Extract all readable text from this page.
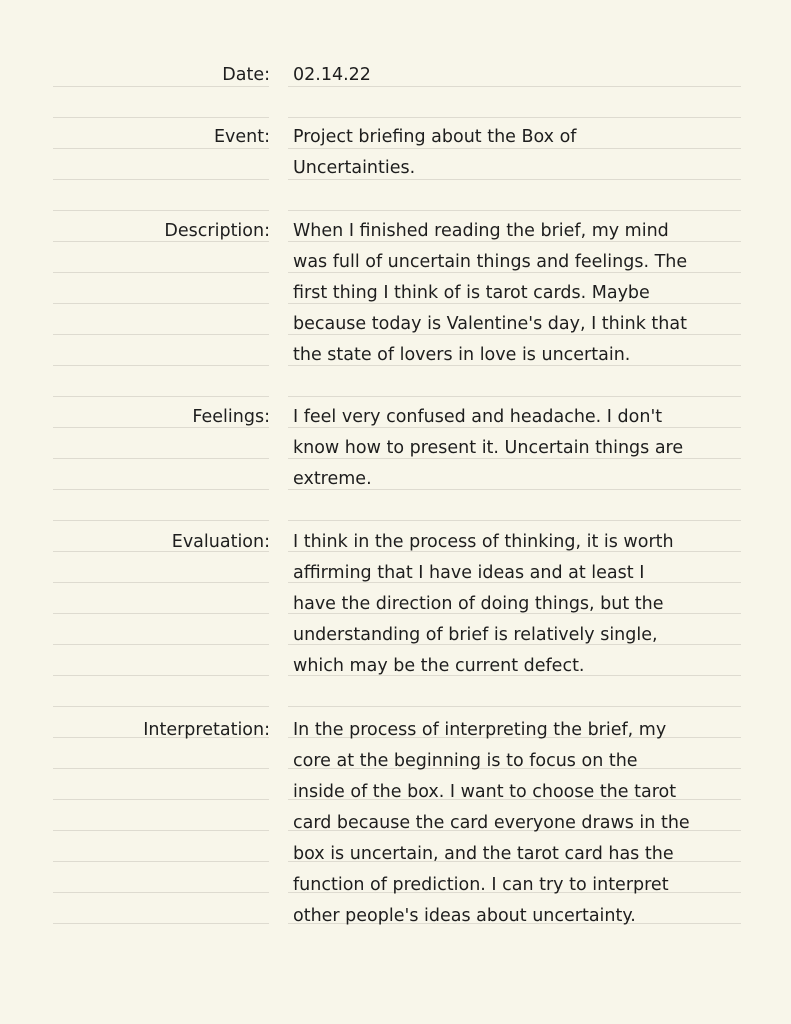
Date: 02.14.22
Event: Project briefing about the Box of
Uncertainties.
Description: When I finished reading the brief, my mind
was full of uncertain things and feelings. The
first thing I think of is tarot cards. Maybe
because today is Valentine's day, I think that
the state of lovers in love is uncertain.
Feelings: I feel very confused and headache. I don't
know how to present it. Uncertain things are
extreme.
Evaluation: I think in the process of thinking, it is worth
affirming that I have ideas and at least I
have the direction of doing things, but the
understanding of brief is relatively single,
which may be the current defect.
Interpretation: In the process of interpreting the brief, my
core at the beginning is to focus on the
inside of the box. I want to choose the tarot
card because the card everyone draws in the
box is uncertain, and the tarot card has the
function of prediction. I can try to interpret
other people's ideas about uncertainty.
